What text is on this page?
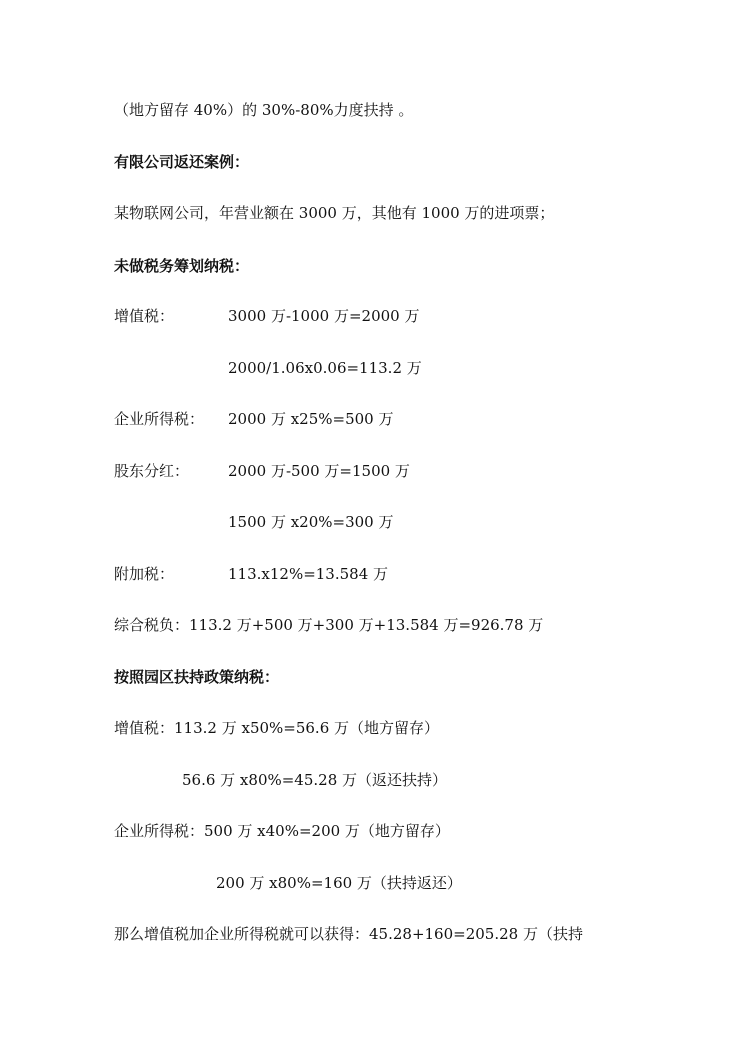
（地方留存 40%）的 30%-80%力度扶持 。
有限公司返还案例：
某物联网公司，年营业额在 3000 万，其他有 1000 万的进项票；
未做税务筹划纳税：
增值税：	3000 万-1000 万=2000 万
2000/1.06x0.06=113.2 万
企业所得税： 2000 万 x25%=500 万
股东分红：	2000 万-500 万=1500 万
1500 万 x20%=300 万
附加税：	113.x12%=13.584 万
综合税负：113.2 万+500 万+300 万+13.584 万=926.78 万
按照园区扶持政策纳税：
增值税：113.2 万 x50%=56.6 万（地方留存）
56.6 万 x80%=45.28 万（返还扶持）
企业所得税：500 万 x40%=200 万（地方留存）
200 万 x80%=160 万（扶持返还）
那么增值税加企业所得税就可以获得：45.28+160=205.28 万（扶持
